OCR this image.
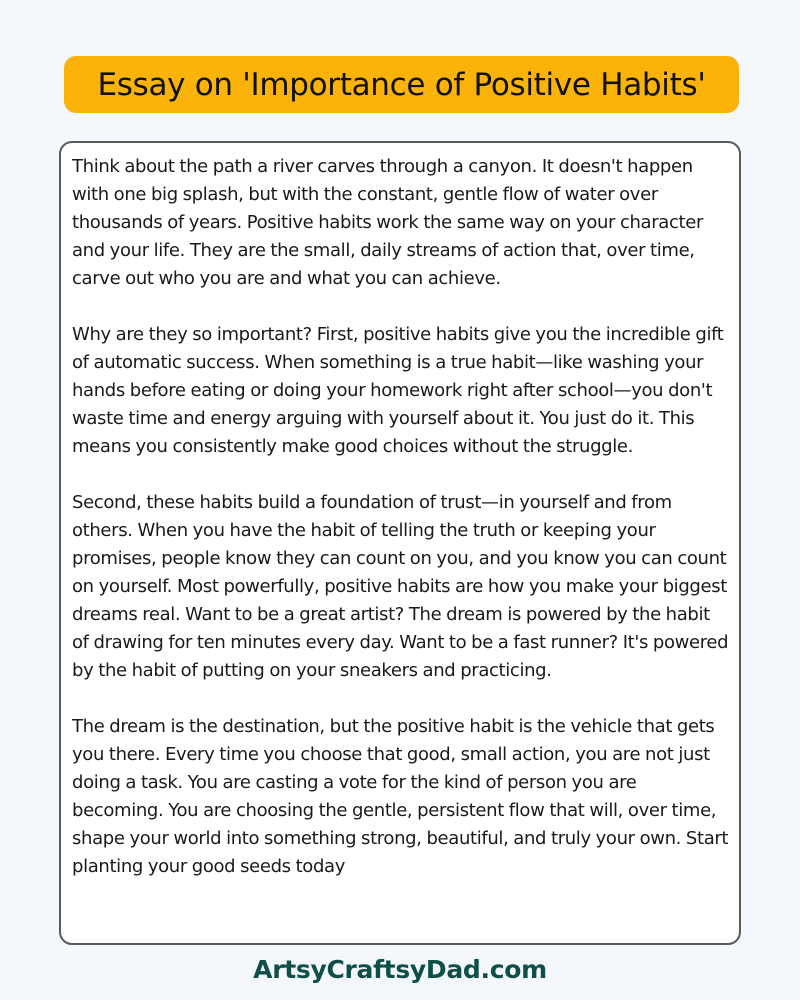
Essay on 'Importance of Positive Habits'

Think about the path a river carves through a canyon. It doesn't happen with one big splash, but with the constant, gentle flow of water over thousands of years. Positive habits work the same way on your character and your life. They are the small, daily streams of action that, over time, carve out who you are and what you can achieve.

Why are they so important? First, positive habits give you the incredible gift of automatic success. When something is a true habit—like washing your hands before eating or doing your homework right after school—you don't waste time and energy arguing with yourself about it. You just do it. This means you consistently make good choices without the struggle.

Second, these habits build a foundation of trust—in yourself and from others. When you have the habit of telling the truth or keeping your promises, people know they can count on you, and you know you can count on yourself. Most powerfully, positive habits are how you make your biggest dreams real. Want to be a great artist? The dream is powered by the habit of drawing for ten minutes every day. Want to be a fast runner? It's powered by the habit of putting on your sneakers and practicing.

The dream is the destination, but the positive habit is the vehicle that gets you there. Every time you choose that good, small action, you are not just doing a task. You are casting a vote for the kind of person you are becoming. You are choosing the gentle, persistent flow that will, over time, shape your world into something strong, beautiful, and truly your own. Start planting your good seeds today

ArtsyCraftsyDad.com
